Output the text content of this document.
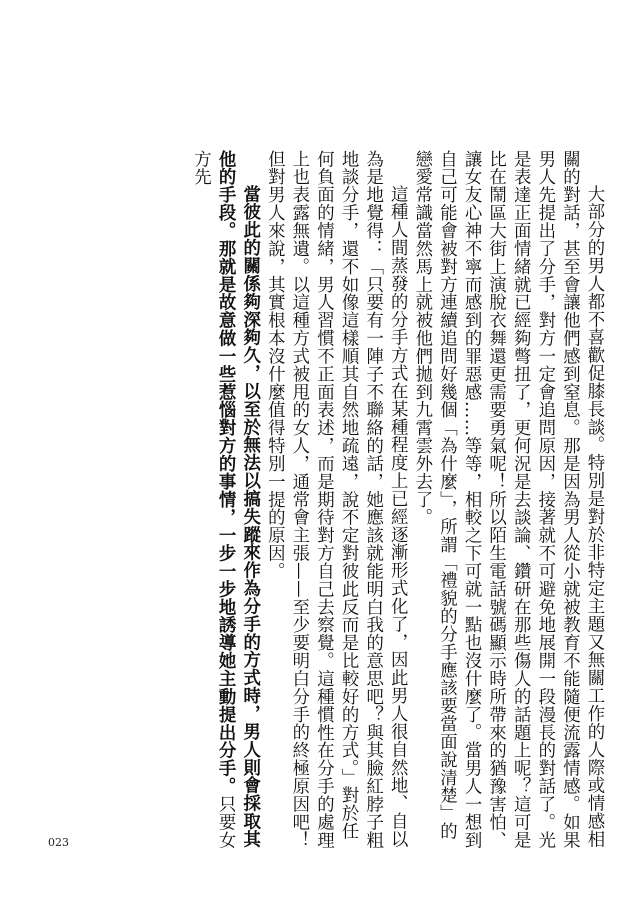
大部分的男人都不喜歡促膝長談。特別是對於非特定主題又無關工作的人際或情感相關的對話，甚至會讓他們感到窒息。那是因為男人從小就被教育不能隨便流露情感。如果男人先提出了分手，對方一定會追問原因，接著就不可避免地展開一段漫長的對話了。光是表達正面情緒就已經夠彆扭了，更何況是去談論、鑽研在那些傷人的話題上呢？這可是比在鬧區大街上演脫衣舞還更需要勇氣呢！所以陌生電話號碼顯示時所帶來的猶豫害怕、讓女友心神不寧而感到的罪惡感……等等，相較之下可就一點也沒什麼了。當男人一想到自己可能會被對方連續追問好幾個「為什麼」，所謂「禮貌的分手應該要當面說清楚」的戀愛常識當然馬上就被他們拋到九霄雲外去了。

這種人間蒸發的分手方式在某種程度上已經逐漸形式化了，因此男人很自然地、自以為是地覺得：「只要有一陣子不聯絡的話，她應該就能明白我的意思吧？與其臉紅脖子粗地談分手，還不如像這樣順其自然地疏遠，說不定對彼此反而是比較好的方式。」對於任何負面的情緒，男人習慣不正面表述，而是期待對方自己去察覺。這種慣性在分手的處理上也表露無遺。以這種方式被甩的女人，通常會主張——至少要明白分手的終極原因吧！但對男人來說，其實根本沒什麼值得特別一提的原因。

當彼此的關係夠深夠久，以至於無法以搞失蹤來作為分手的方式時，男人則會採取其他的手段。那就是故意做一些惹惱對方的事情，一步一步地誘導她主動提出分手。只要女方先

023
